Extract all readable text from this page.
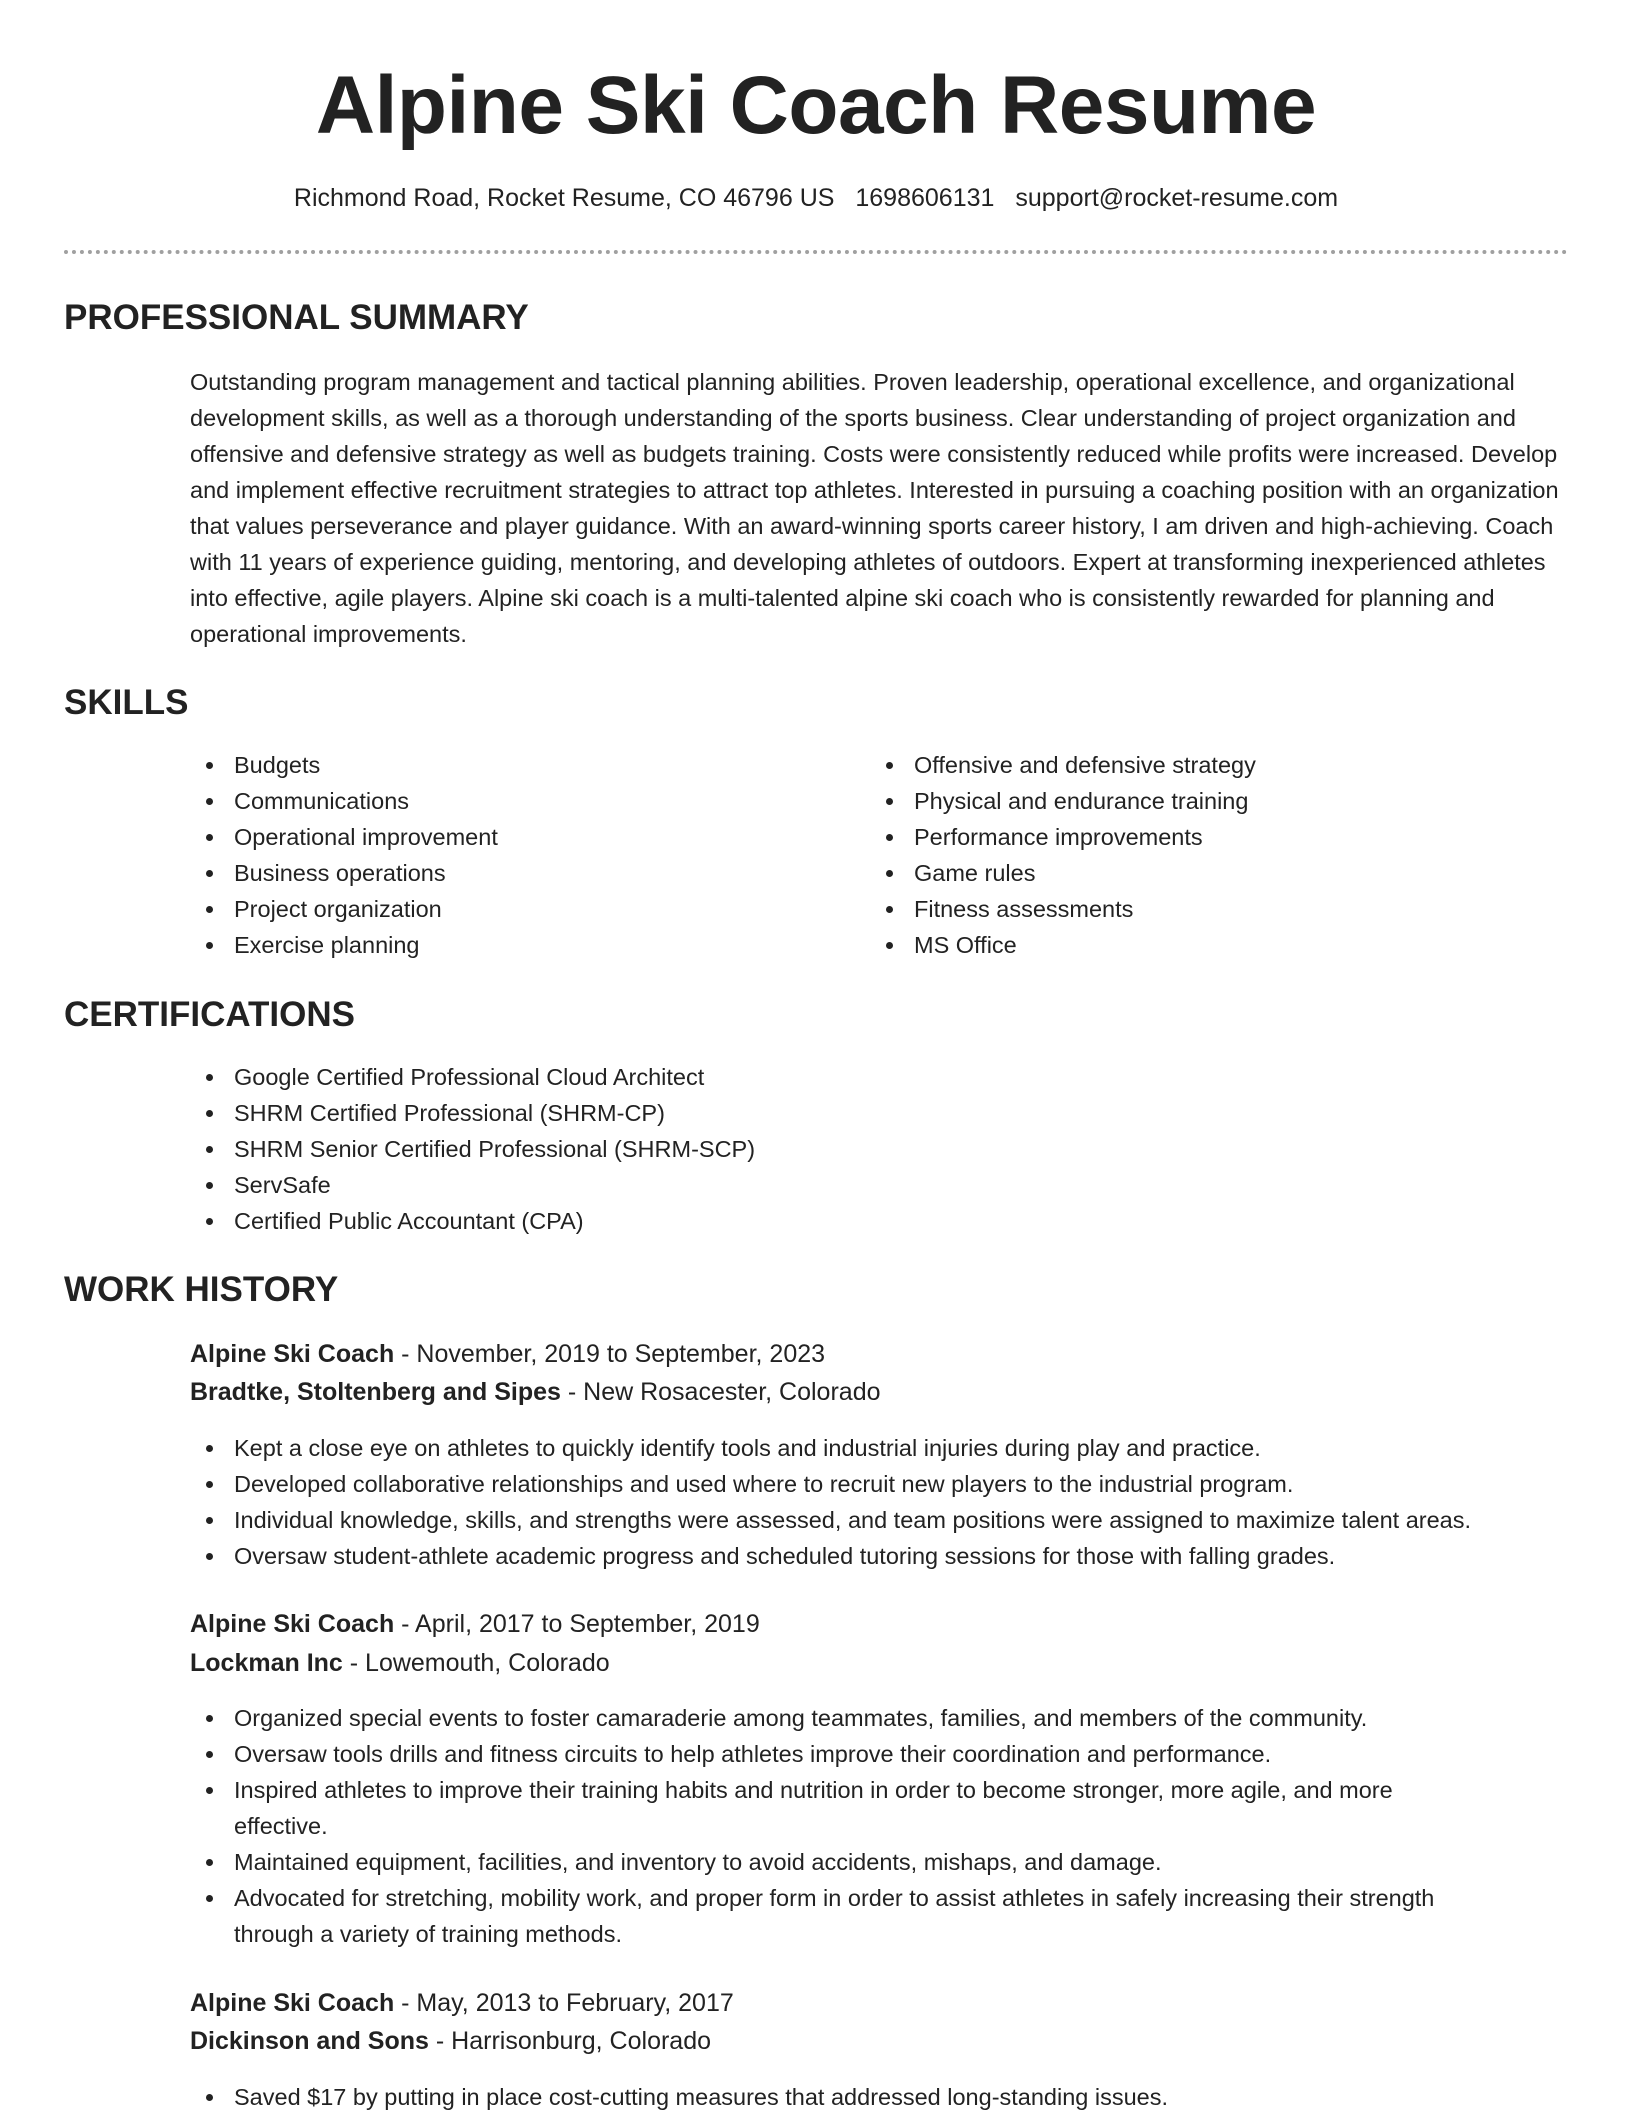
Alpine Ski Coach Resume
Richmond Road, Rocket Resume, CO 46796 US 1698606131 support@rocket-resume.com
PROFESSIONAL SUMMARY

Outstanding program management and tactical planning abilities. Proven leadership, operational excellence, and organizational development skills, as well as a thorough understanding of the sports business. Clear understanding of project organization and offensive and defensive strategy as well as budgets training. Costs were consistently reduced while profits were increased. Develop and implement effective recruitment strategies to attract top athletes. Interested in pursuing a coaching position with an organization that values perseverance and player guidance. With an award-winning sports career history, I am driven and high-achieving. Coach with 11 years of experience guiding, mentoring, and developing athletes of outdoors. Expert at transforming inexperienced athletes into effective, agile players. Alpine ski coach is a multi-talented alpine ski coach who is consistently rewarded for planning and operational improvements.

SKILLS
Budgets
Communications
Operational improvement
Business operations
Project organization
Exercise planning
Offensive and defensive strategy
Physical and endurance training
Performance improvements
Game rules
Fitness assessments
MS Office
CERTIFICATIONS
Google Certified Professional Cloud Architect
SHRM Certified Professional (SHRM-CP)
SHRM Senior Certified Professional (SHRM-SCP)
ServSafe
Certified Public Accountant (CPA)
WORK HISTORY
Alpine Ski Coach - November, 2019 to September, 2023
Bradtke, Stoltenberg and Sipes - New Rosacester, Colorado
Kept a close eye on athletes to quickly identify tools and industrial injuries during play and practice.
Developed collaborative relationships and used where to recruit new players to the industrial program.
Individual knowledge, skills, and strengths were assessed, and team positions were assigned to maximize talent areas.
Oversaw student-athlete academic progress and scheduled tutoring sessions for those with falling grades.
Alpine Ski Coach - April, 2017 to September, 2019
Lockman Inc - Lowemouth, Colorado
Organized special events to foster camaraderie among teammates, families, and members of the community.
Oversaw tools drills and fitness circuits to help athletes improve their coordination and performance.
Inspired athletes to improve their training habits and nutrition in order to become stronger, more agile, and more effective.
Maintained equipment, facilities, and inventory to avoid accidents, mishaps, and damage.
Advocated for stretching, mobility work, and proper form in order to assist athletes in safely increasing their strength through a variety of training methods.
Alpine Ski Coach - May, 2013 to February, 2017
Dickinson and Sons - Harrisonburg, Colorado
Saved $17 by putting in place cost-cutting measures that addressed long-standing issues.
